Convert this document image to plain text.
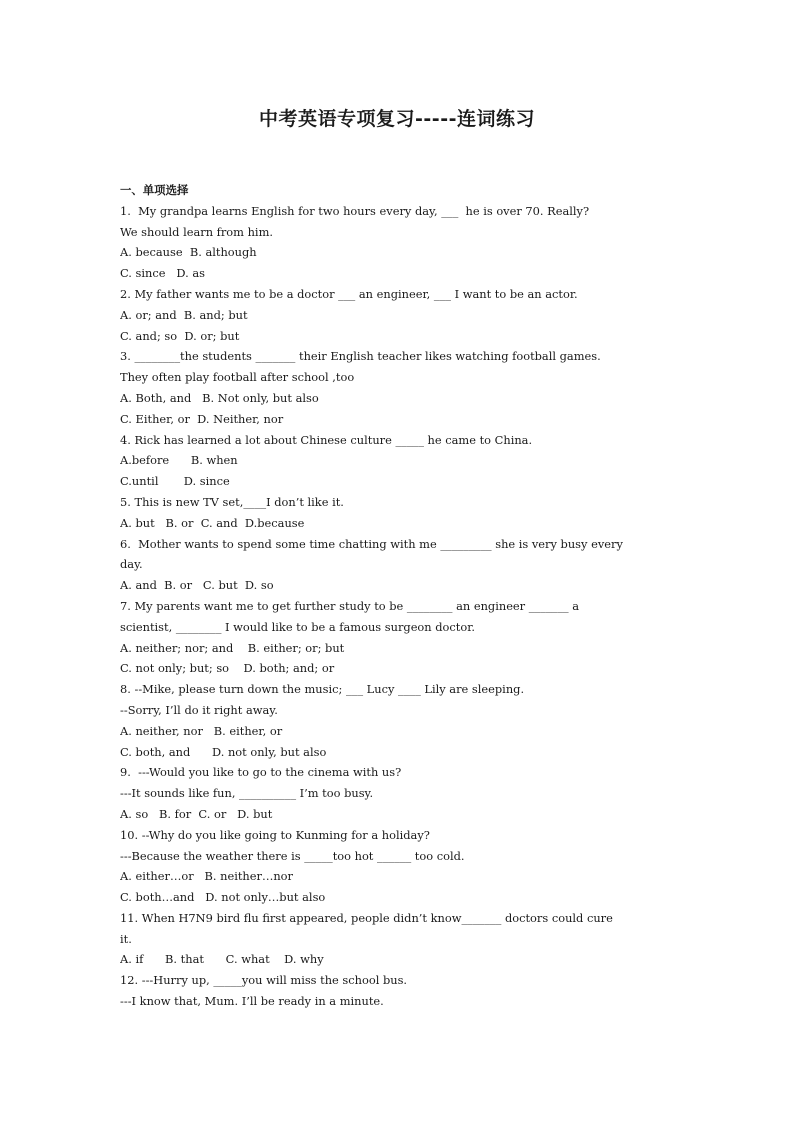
中考英语专项复习-----连词练习
一、单项选择
1.  My grandpa learns English for two hours every day, ___  he is over 70. Really?
We should learn from him.
A. because  B. although
C. since   D. as
2. My father wants me to be a doctor ___ an engineer, ___ I want to be an actor.
A. or; and  B. and; but
C. and; so  D. or; but
3. ________the students _______ their English teacher likes watching football games.
They often play football after school ,too
A. Both, and   B. Not only, but also
C. Either, or  D. Neither, nor
4. Rick has learned a lot about Chinese culture _____ he came to China.
A.before      B. when
C.until       D. since
5. This is new TV set,____I don’t like it.
A. but   B. or  C. and  D.because
6.  Mother wants to spend some time chatting with me _________ she is very busy every
day.
A. and  B. or   C. but  D. so
7. My parents want me to get further study to be ________ an engineer _______ a
scientist, ________ I would like to be a famous surgeon doctor.
A. neither; nor; and    B. either; or; but
C. not only; but; so    D. both; and; or
8. --Mike, please turn down the music; ___ Lucy ____ Lily are sleeping.
--Sorry, I’ll do it right away.
A. neither, nor   B. either, or
C. both, and      D. not only, but also
9.  ---Would you like to go to the cinema with us?
---It sounds like fun, __________ I’m too busy.
A. so   B. for  C. or   D. but
10. --Why do you like going to Kunming for a holiday?
---Because the weather there is _____too hot ______ too cold.
A. either…or   B. neither…nor
C. both…and   D. not only…but also
11. When H7N9 bird flu first appeared, people didn’t know_______ doctors could cure
it.
A. if      B. that      C. what    D. why
12. ---Hurry up, _____you will miss the school bus.
---I know that, Mum. I’ll be ready in a minute.
